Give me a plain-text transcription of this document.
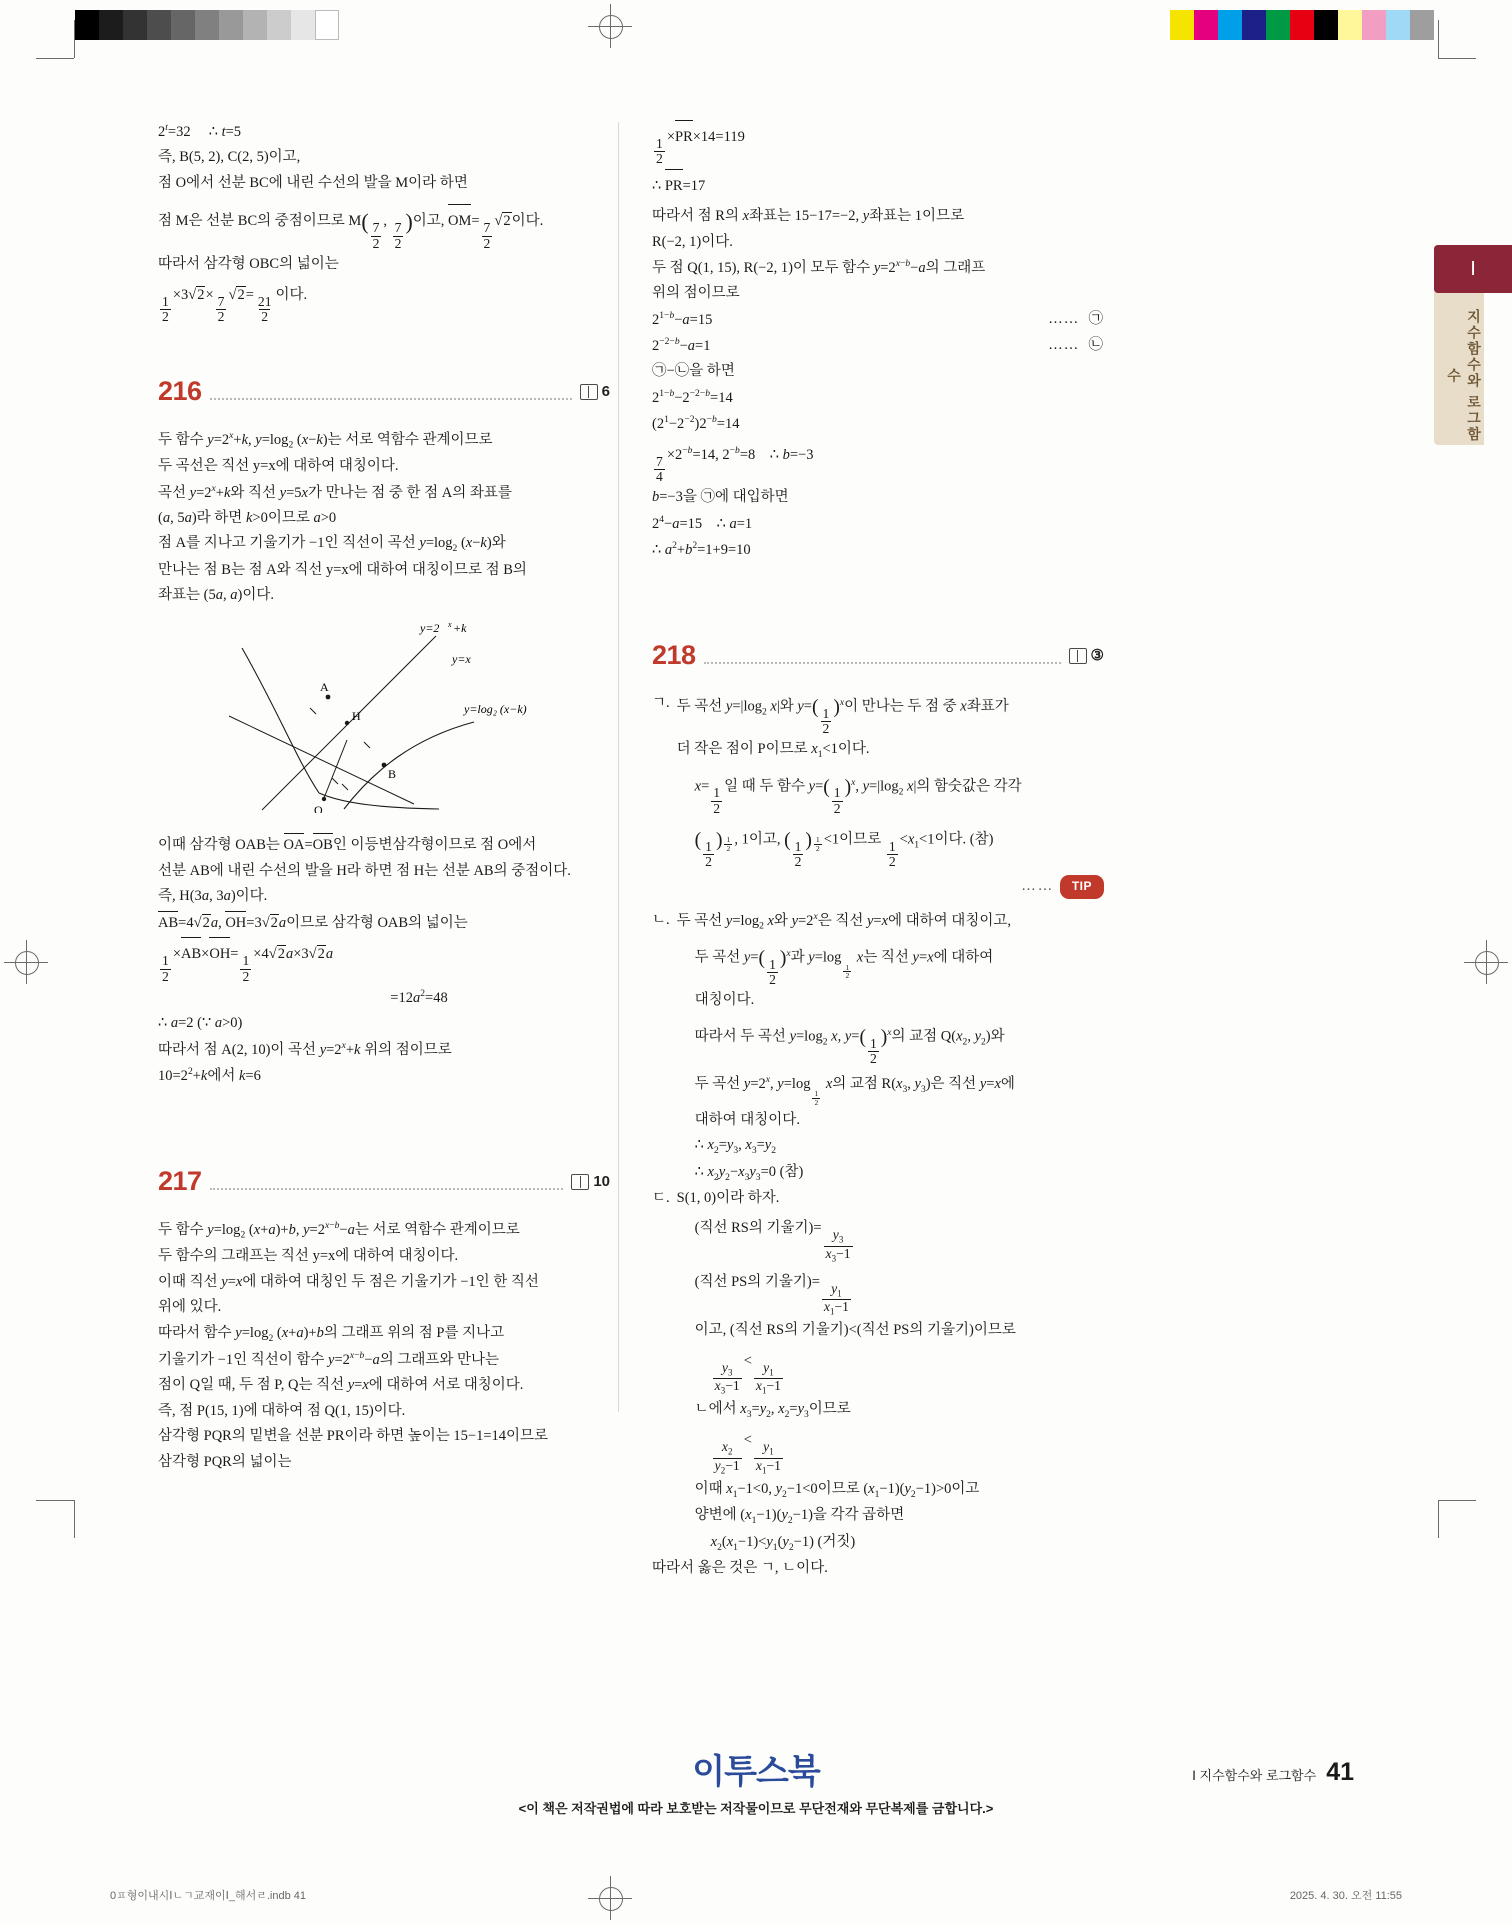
Ⅰ
지수함수와 로그함수

$2^t=32$     ∴ t=5

즉, B(5, 2), C(2, 5)이고,

점 O에서 선분 BC에 내린 수선의 발을 M이라 하면

점 M은 선분 BC의 중점이므로 $M( \frac{7}{2}$
,
$\frac{7}{2}$ )이고, OM=
$\frac{7}{2}$
√ 2이다.

따라서 삼각형 OBC의 넓이는

$\frac{1}{2}$
×3 √ 2×
$\frac{7}{2}$
√ 2=
$\frac{21}{2}$
이다.

216	6

두 함수 $y=2^x+k$, $y=\log_2$ (x−k)는 서로 역함수 관계이므로

두 곡선은 직선 y=x에 대하여 대칭이다.

곡선 $y=2^x+k$와 직선 y=5x가 만나는 점 중 한 점 A의 좌표를

(a, 5a)라 하면 k>0이므로 a>0

점 A를 지나고 기울기가 −1인 직선이 곡선 $y=\log_2$ (x−k)와

만나는 점 B는 점 A와 직선 y=x에 대하여 대칭이므로 점 B의

좌표는 (5a, a)이다.

y=2 x +k
y=x
y=log₂ (x−k)
A
H
B
O

이때 삼각형 OAB는 OA=OB인 이등변삼각형이므로 점 O에서

선분 AB에 내린 수선의 발을 H라 하면 점 H는 선분 AB의 중점이다.

즉, H(3a, 3a)이다.

AB=4 √ 2a, OH=3 √ 2a이므로 삼각형 OAB의 넓이는

$\frac{1}{2}$
×AB×OH=
$\frac{1}{2}$
×4 √ 2a×3 √ 2a

$=12a^2=48$

∴ a=2 (∵ a>0)

따라서 점 A(2, 10)이 곡선 $y=2^x+k$ 위의 점이므로

$10=2^2+k$에서 k=6

217	10

두 함수 $y=\log_2$ (x+a)+b, $y=2^{x-b}-a$는 서로 역함수 관계이므로

두 함수의 그래프는 직선 y=x에 대하여 대칭이다.

이때 직선 y=x에 대하여 대칭인 두 점은 기울기가 −1인 한 직선

위에 있다.

따라서 함수 $y=\log_2$ (x+a)+b의 그래프 위의 점 P를 지나고

기울기가 −1인 직선이 함수 $y=2^{x-b}-a$의 그래프와 만나는

점이 Q일 때, 두 점 P, Q는 직선 y=x에 대하여 서로 대칭이다.

즉, 점 P(15, 1)에 대하여 점 Q(1, 15)이다.

삼각형 PQR의 밑변을 선분 PR이라 하면 높이는 15−1=14이므로

삼각형 PQR의 넓이는

$\frac{1}{2}$
×PR×14=119

∴ PR=17

따라서 점 R의 x좌표는 15−17=−2, y좌표는 1이므로

R(−2, 1)이다.

두 점 Q(1, 15), R(−2, 1)이 모두 함수 $y=2^{x-b}-a$의 그래프

위의 점이므로

……  ㉠
$2^{1-b}-a=15$

……  ㉡
$2^{-2-b}-a=1$

㉠−㉡을 하면

$2^{1-b}-2^{-2-b}=14$

$(2^1-2^{-2})2^{-b}=14$

$\frac{7}{4}$
$\times 2^{-b}=14$, $2^{-b}=8$    ∴ b=−3

b=−3을 ㉠에 대입하면

$2^4-a=15$    ∴ a=1

∴ $a^2+b^2=1+9=10$

218	③
ㄱ. 두 곡선 $y=|\log_2$ x|와 $y=( \frac{1}{2} )^x$이 만나는 두 점 중 x좌표가

더 작은 점이 P이므로 $x_1<1$이다.

x=
$\frac{1}{2}$
일 때 두 함수 $y=( \frac{1}{2} )^x$, $y=|\log_2$ x|의 함숫값은 각각

( $\frac{1}{2}$ ) $^{\frac{1}{2}}$ , 1이고, ( $\frac{1}{2}$ ) $^{\frac{1}{2}}$ <1이므로
$\frac{1}{2}$
$<x_1<1$이다. (참)

…… TIP
ㄴ. 두 곡선 $y=\log_2$ x와 $y=2^x$은 직선 y=x에 대하여 대칭이고,

두 곡선 $y=( \frac{1}{2} )^x$과 y=log
$_{\frac{1}{2}}$
x는 직선 y=x에 대하여

대칭이다.

따라서 두 곡선 $y=\log_2$ x, $y=( \frac{1}{2} )^x$의 교점 $Q(x_2$, $y_2$)와

두 곡선 $y=2^x$, y=log
$_{\frac{1}{2}}$
x의 교점 $R(x_3$, $y_3$)은 직선 y=x에

대하여 대칭이다.

∴ $x_2=y_3$, $x_3=y_2$

∴ $x_2y_2-x_3y_3=0$ (참)

ㄷ. S(1, 0)이라 하자.

(직선 RS의 기울기)=
$\frac{y_3}{x_3-1}$

(직선 PS의 기울기)=
$\frac{y_1}{x_1-1}$

이고, (직선 RS의 기울기)<(직선 PS의 기울기)이므로

$\frac{y_3}{x_3-1}$
<
$\frac{y_1}{x_1-1}$

ㄴ에서 $x_3=y_2$, $x_2=y_3$이므로

$\frac{x_2}{y_2-1}$
<
$\frac{y_1}{x_1-1}$

이때 $x_1-1<0$, $y_2-1<0$이므로 $(x_1-1)(y_2-1)>0$이고

양변에 $(x_1-1)(y_2-1)$을 각각 곱하면

$x_2(x_1-1)<y_1(y_2-1)$ (거짓)

따라서 옳은 것은 ㄱ, ㄴ이다.

이투스북
<이 책은 저작권법에 따라 보호받는 저작물이므로 무단전재와 무단복제를 금합니다.>
Ⅰ 지수함수와 로그함수 41
0ㅍ형이내시Ⅰㄴㄱ교재이Ⅰ_해서ㄹ.indb 41	2025. 4. 30. 오전 11:55
